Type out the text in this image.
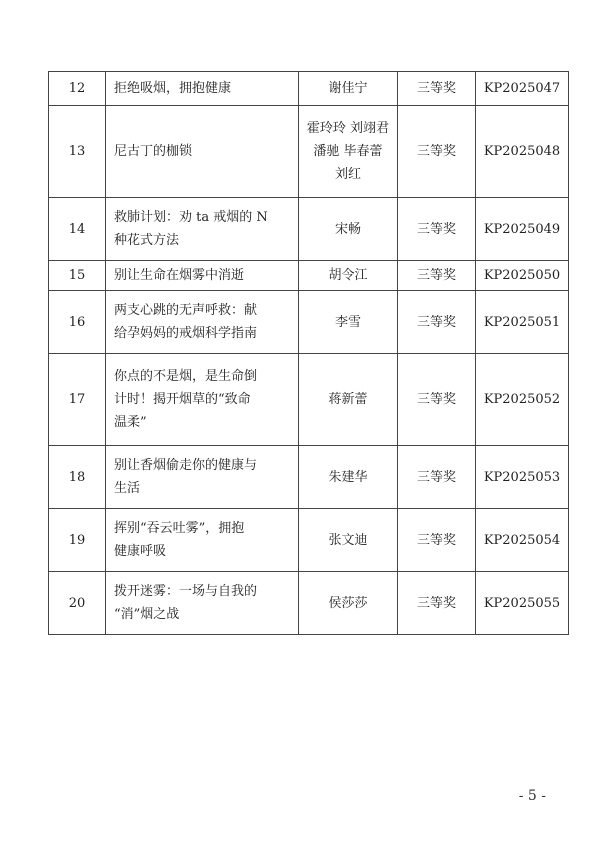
12	拒绝吸烟，拥抱健康	谢佳宁	三等奖	KP2025047
13	尼古丁的枷锁	霍玲玲 刘翊君
潘驰 毕春蕾
刘红	三等奖	KP2025048
14	救肺计划：劝 ta 戒烟的 N
种花式方法	宋畅	三等奖	KP2025049
15	别让生命在烟雾中消逝	胡令江	三等奖	KP2025050
16	两支心跳的无声呼救：献
给孕妈妈的戒烟科学指南	李雪	三等奖	KP2025051
17	你点的不是烟，是生命倒
计时！揭开烟草的“致命
温柔”	蒋新蕾	三等奖	KP2025052
18	别让香烟偷走你的健康与
生活	朱建华	三等奖	KP2025053
19	挥别“吞云吐雾”，拥抱
健康呼吸	张文迪	三等奖	KP2025054
20	拨开迷雾：一场与自我的
“消”烟之战	侯莎莎	三等奖	KP2025055
- 5 -
